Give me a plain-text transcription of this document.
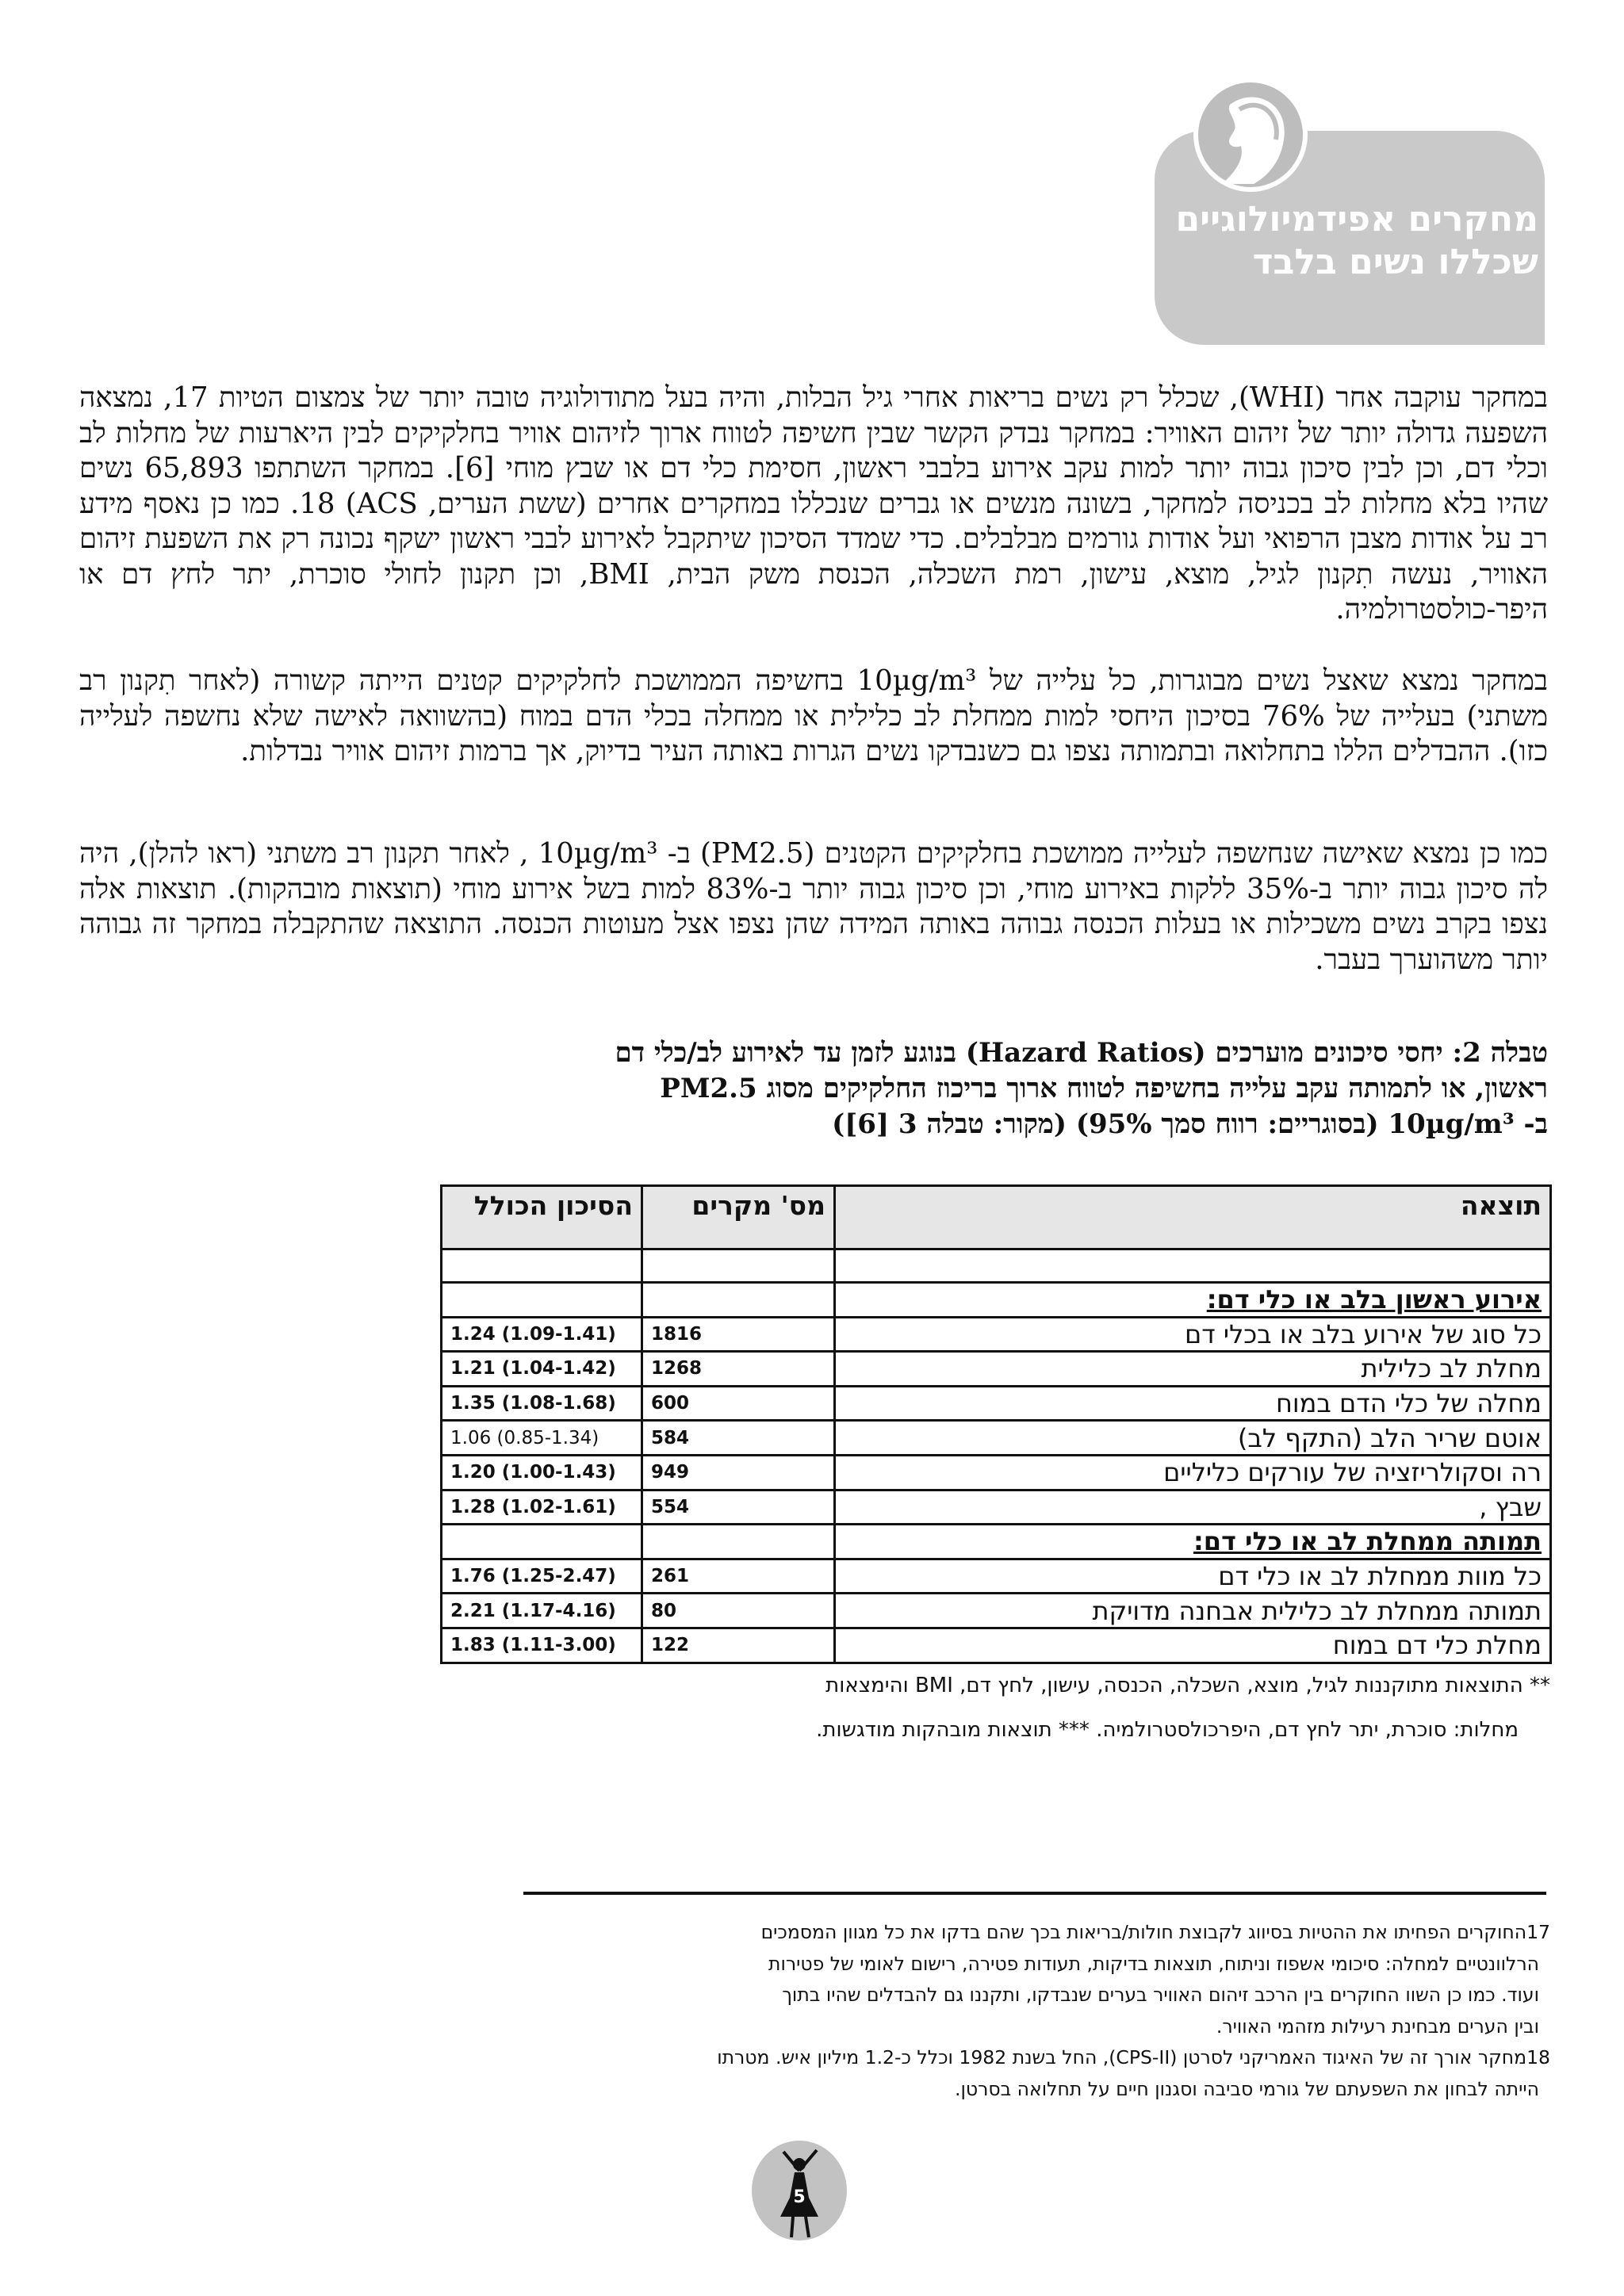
מחקרים אפידמיולוגיים
שכללו נשים בלבד
במחקר עוקבה אחר (WHI), שכלל רק נשים בריאות אחרי גיל הבלות, והיה בעל מתודולוגיה טובה יותר של צמצום הטיות 17, נמצאה השפעה גדולה יותר של זיהום האוויר: במחקר נבדק הקשר שבין חשיפה לטווח ארוך לזיהום אוויר בחלקיקים לבין היארעות של מחלות לב וכלי דם, וכן לבין סיכון גבוה יותר למות עקב אירוע בלבבי ראשון, חסימת כלי דם או שבץ מוחי [6]. במחקר השתתפו 65,893 נשים שהיו בלא מחלות לב בכניסה למחקר, בשונה מנשים או גברים שנכללו במחקרים אחרים (ששת הערים, ACS) 18. כמו כן נאסף מידע רב על אודות מצבן הרפואי ועל אודות גורמים מבלבלים. כדי שמדד הסיכון שיתקבל לאירוע לבבי ראשון ישקף נכונה רק את השפעת זיהום האוויר, נעשה תִקנון לגיל, מוצא, עישון, רמת השכלה, הכנסת משק הבית, BMI, וכן תקנון לחולי סוכרת, יתר לחץ דם או היפר-כולסטרולמיה.
במחקר נמצא שאצל נשים מבוגרות, כל עלייה של 10µg/m³ בחשיפה הממושכת לחלקיקים קטנים הייתה קשורה (לאחר תִקנון רב משתני) בעלייה של 76% בסיכון היחסי למות ממחלת לב כלילית או ממחלה בכלי הדם במוח (בהשוואה לאישה שלא נחשפה לעלייה כזו). ההבדלים הללו בתחלואה ובתמותה נצפו גם כשנבדקו נשים הגרות באותה העיר בדיוק, אך ברמות זיהום אוויר נבדלות.
כמו כן נמצא שאישה שנחשפה לעלייה ממושכת בחלקיקים הקטנים (PM2.5) ב- 10µg/m³ , לאחר תקנון רב משתני (ראו להלן), היה לה סיכון גבוה יותר ב-35% ללקות באירוע מוחי, וכן סיכון גבוה יותר ב-83% למות בשל אירוע מוחי (תוצאות מובהקות). תוצאות אלה נצפו בקרב נשים משכילות או בעלות הכנסה גבוהה באותה המידה שהן נצפו אצל מעוטות הכנסה. התוצאה שהתקבלה במחקר זה גבוהה יותר משהוערך בעבר.
טבלה 2: יחסי סיכונים מוערכים (Hazard Ratios) בנוגע לזמן עד לאירוע לב/כלי דם
ראשון, או לתמותה עקב עלייה בחשיפה לטווח ארוך בריכוז החלקיקים מסוג PM2.5
ב- 10µg/m³ (בסוגריים: רווח סמך 95%) (מקור: טבלה 3 [6])
תוצאה	מס' מקרים	הסיכון הכולל

אירוע ראשון בלב או כלי דם:		
כל סוג של אירוע בלב או בכלי דם	1816	1.24 (1.09-1.41)
מחלת לב כלילית	1268	1.21 (1.04-1.42)
מחלה של כלי הדם במוח	600	1.35 (1.08-1.68)
אוטם שריר הלב (התקף לב)	584	1.06 (0.85-1.34)
רה וסקולריזציה של עורקים כליליים	949	1.20 (1.00-1.43)
שבץ ,	554	1.28 (1.02-1.61)
תמותה ממחלת לב או כלי דם:		
כל מוות ממחלת לב או כלי דם	261	1.76 (1.25-2.47)
תמותה ממחלת לב כלילית אבחנה מדויקת	80	2.21 (1.17-4.16)
מחלת כלי דם במוח	122	1.83 (1.11-3.00)
** התוצאות מתוקננות לגיל, מוצא, השכלה, הכנסה, עישון, לחץ דם, BMI והימצאות
מחלות: סוכרת, יתר לחץ דם, היפרכולסטרולמיה. *** תוצאות מובהקות מודגשות.
17החוקרים הפחיתו את ההטיות בסיווג לקבוצת חולות/בריאות בכך שהם בדקו את כל מגוון המסמכים
הרלוונטיים למחלה: סיכומי אשפוז וניתוח, תוצאות בדיקות, תעודות פטירה, רישום לאומי של פטירות
ועוד. כמו כן השוו החוקרים בין הרכב זיהום האוויר בערים שנבדקו, ותקננו גם להבדלים שהיו בתוך
ובין הערים מבחינת רעילות מזהמי האוויר.
18מחקר אורך זה של האיגוד האמריקני לסרטן (CPS-II), החל בשנת 1982 וכלל כ-1.2 מיליון איש. מטרתו
הייתה לבחון את השפעתם של גורמי סביבה וסגנון חיים על תחלואה בסרטן.
5
